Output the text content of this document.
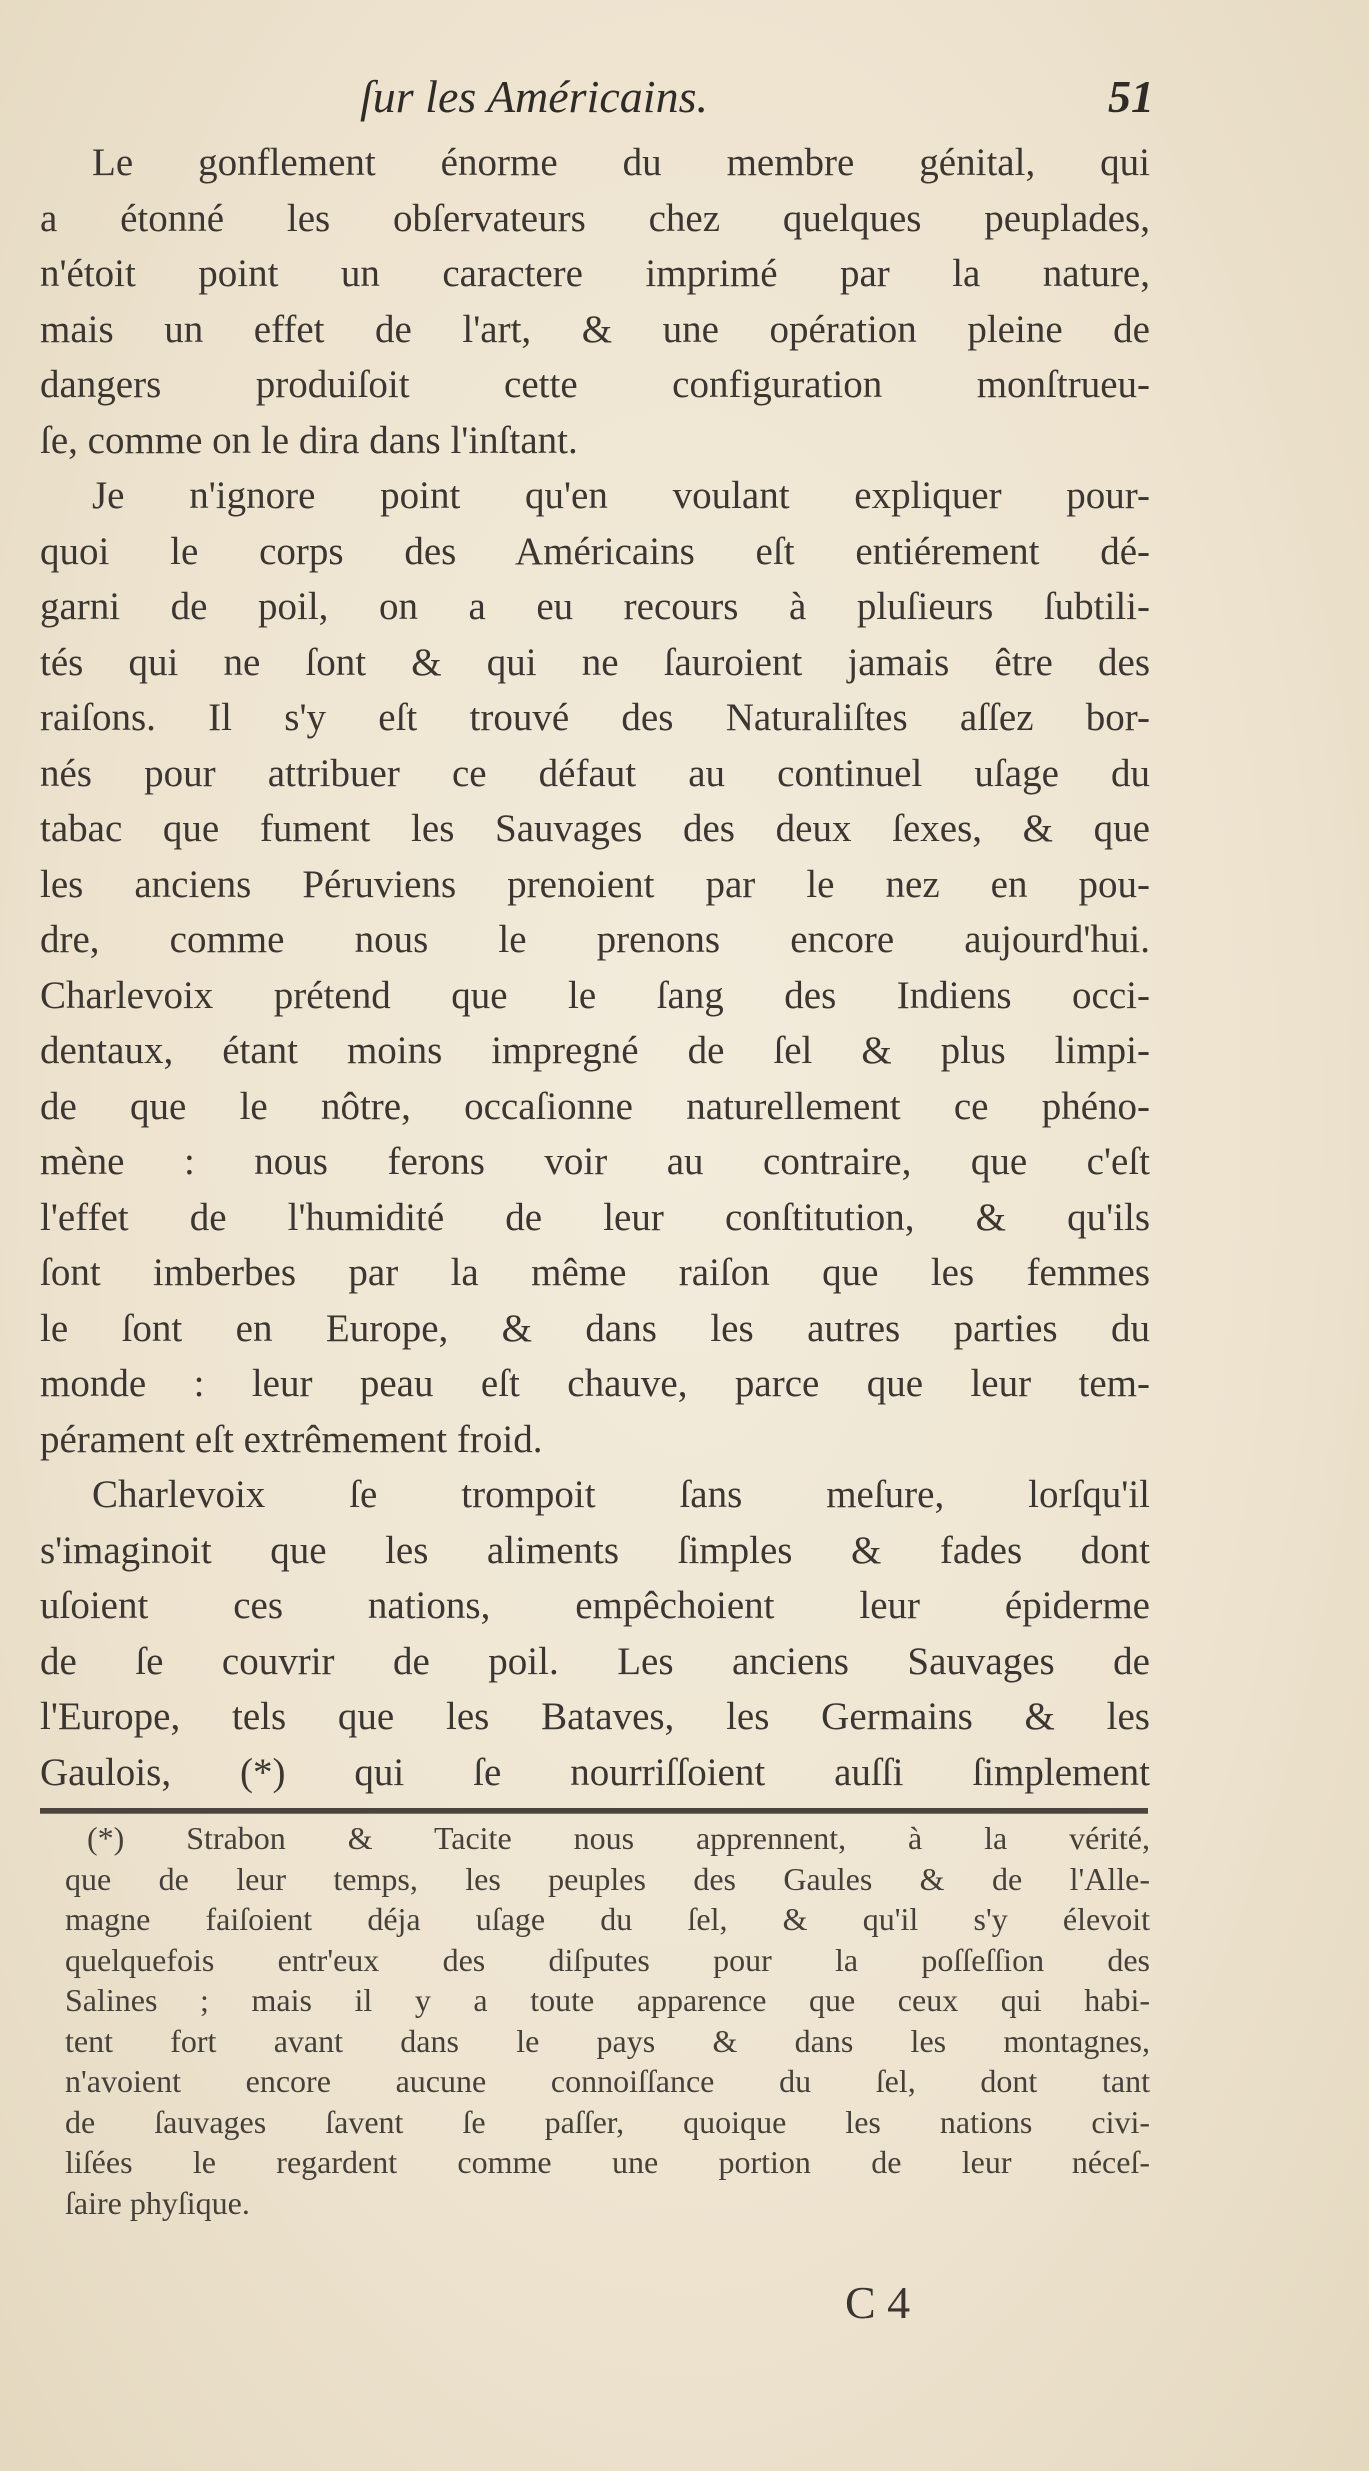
ſur les Américains.	51
Le gonflement énorme du membre génital, qui
a étonné les obſervateurs chez quelques peuplades,
n'étoit point un caractere imprimé par la nature,
mais un effet de l'art, & une opération pleine de
dangers produiſoit cette configuration monſtrueu-
ſe, comme on le dira dans l'inſtant.
Je n'ignore point qu'en voulant expliquer pour-
quoi le corps des Américains eſt entiérement dé-
garni de poil, on a eu recours à pluſieurs ſubtili-
tés qui ne ſont & qui ne ſauroient jamais être des
raiſons. Il s'y eſt trouvé des Naturaliſtes aſſez bor-
nés pour attribuer ce défaut au continuel uſage du
tabac que fument les Sauvages des deux ſexes, & que
les anciens Péruviens prenoient par le nez en pou-
dre, comme nous le prenons encore aujourd'hui.
Charlevoix prétend que le ſang des Indiens occi-
dentaux, étant moins impregné de ſel & plus limpi-
de que le nôtre, occaſionne naturellement ce phéno-
mène : nous ferons voir au contraire, que c'eſt
l'effet de l'humidité de leur conſtitution, & qu'ils
ſont imberbes par la même raiſon que les femmes
le ſont en Europe, & dans les autres parties du
monde : leur peau eſt chauve, parce que leur tem-
pérament eſt extrêmement froid.
Charlevoix ſe trompoit ſans meſure, lorſqu'il
s'imaginoit que les aliments ſimples & fades dont
uſoient ces nations, empêchoient leur épiderme
de ſe couvrir de poil. Les anciens Sauvages de
l'Europe, tels que les Bataves, les Germains & les
Gaulois, (*) qui ſe nourriſſoient auſſi ſimplement
(*) Strabon & Tacite nous apprennent, à la vérité,
que de leur temps, les peuples des Gaules & de l'Alle-
magne faiſoient déja uſage du ſel, & qu'il s'y élevoit
quelquefois entr'eux des diſputes pour la poſſeſſion des
Salines ; mais il y a toute apparence que ceux qui habi-
tent fort avant dans le pays & dans les montagnes,
n'avoient encore aucune connoiſſance du ſel, dont tant
de ſauvages ſavent ſe paſſer, quoique les nations civi-
liſées le regardent comme une portion de leur néceſ-
ſaire phyſique.
C 4
